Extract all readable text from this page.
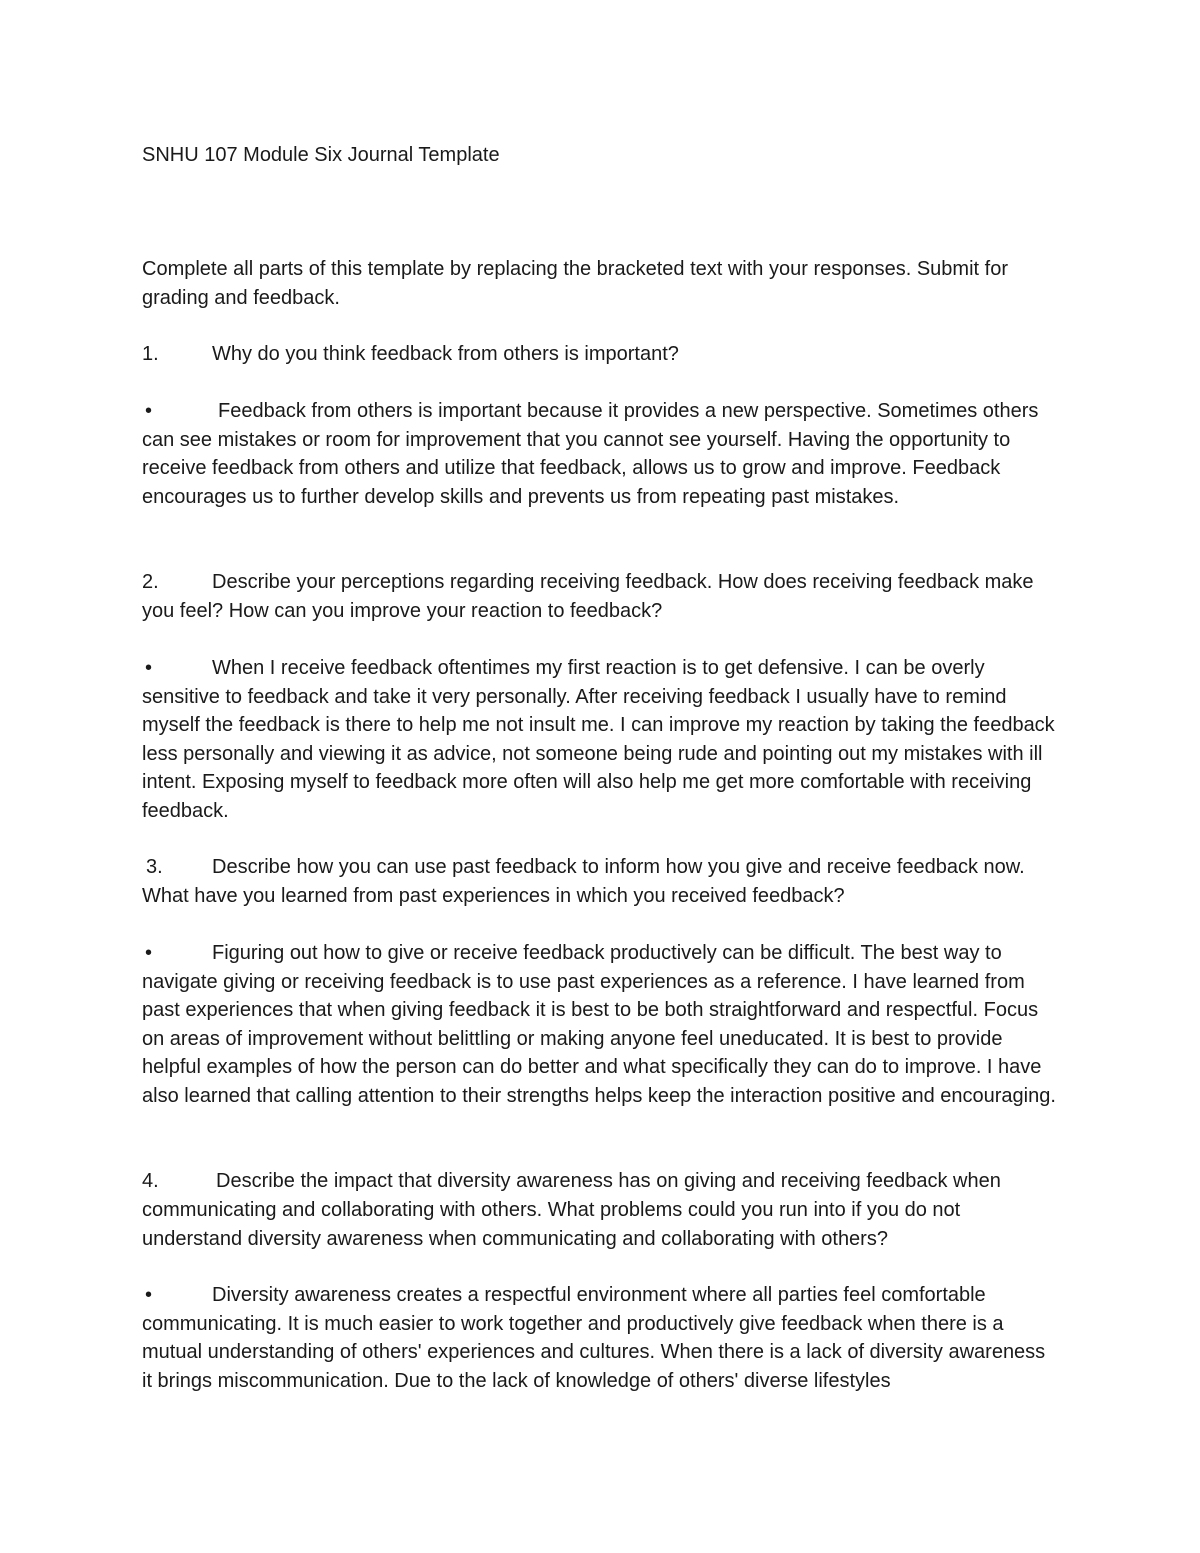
SNHU 107 Module Six Journal Template

Complete all parts of this template by replacing the bracketed text with your responses. Submit for grading and feedback.

1.	Why do you think feedback from others is important?

•	Feedback from others is important because it provides a new perspective. Sometimes others can see mistakes or room for improvement that you cannot see yourself. Having the opportunity to receive feedback from others and utilize that feedback, allows us to grow and improve. Feedback encourages us to further develop skills and prevents us from repeating past mistakes.

2.	Describe your perceptions regarding receiving feedback. How does receiving feedback make you feel? How can you improve your reaction to feedback?

•	When I receive feedback oftentimes my first reaction is to get defensive. I can be overly sensitive to feedback and take it very personally. After receiving feedback I usually have to remind myself the feedback is there to help me not insult me. I can improve my reaction by taking the feedback less personally and viewing it as advice, not someone being rude and pointing out my mistakes with ill intent. Exposing myself to feedback more often will also help me get more comfortable with receiving feedback.

3. Describe how you can use past feedback to inform how you give and receive feedback now. What have you learned from past experiences in which you received feedback?

•	Figuring out how to give or receive feedback productively can be difficult. The best way to navigate giving or receiving feedback is to use past experiences as a reference. I have learned from past experiences that when giving feedback it is best to be both straightforward and respectful. Focus on areas of improvement without belittling or making anyone feel uneducated. It is best to provide helpful examples of how the person can do better and what specifically they can do to improve. I have also learned that calling attention to their strengths helps keep the interaction positive and encouraging.

4.	Describe the impact that diversity awareness has on giving and receiving feedback when communicating and collaborating with others. What problems could you run into if you do not understand diversity awareness when communicating and collaborating with others?

•	Diversity awareness creates a respectful environment where all parties feel comfortable communicating. It is much easier to work together and productively give feedback when there is a mutual understanding of others' experiences and cultures. When there is a lack of diversity awareness it brings miscommunication. Due to the lack of knowledge of others' diverse lifestyles
